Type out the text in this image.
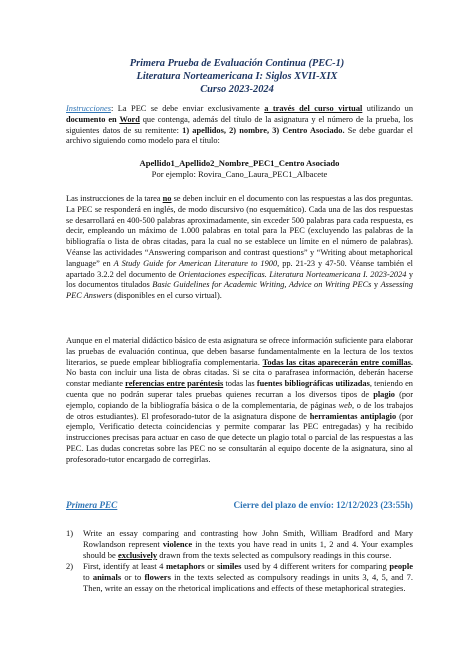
Primera Prueba de Evaluación Continua (PEC-1)
Literatura Norteamericana I: Siglos XVII-XIX
Curso 2023-2024
Instrucciones: La PEC se debe enviar exclusivamente a través del curso virtual utilizando un documento en Word que contenga, además del título de la asignatura y el número de la prueba, los siguientes datos de su remitente: 1) apellidos, 2) nombre, 3) Centro Asociado. Se debe guardar el archivo siguiendo como modelo para el título:
Apellido1_Apellido2_Nombre_PEC1_Centro Asociado
Por ejemplo: Rovira_Cano_Laura_PEC1_Albacete
Las instrucciones de la tarea no se deben incluir en el documento con las respuestas a las dos preguntas. La PEC se responderá en inglés, de modo discursivo (no esquemático). Cada una de las dos respuestas se desarrollará en 400-500 palabras aproximadamente, sin exceder 500 palabras para cada respuesta, es decir, empleando un máximo de 1.000 palabras en total para la PEC (excluyendo las palabras de la bibliografía o lista de obras citadas, para la cual no se establece un límite en el número de palabras). Véanse las actividades “Answering comparison and contrast questions” y “Writing about metaphorical language” en A Study Guide for American Literature to 1900, pp. 21-23 y 47-50. Véanse también el apartado 3.2.2 del documento de Orientaciones específicas. Literatura Norteamericana I. 2023-2024 y los documentos titulados Basic Guidelines for Academic Writing, Advice on Writing PECs y Assessing PEC Answers (disponibles en el curso virtual).
Aunque en el material didáctico básico de esta asignatura se ofrece información suficiente para elaborar las pruebas de evaluación continua, que deben basarse fundamentalmente en la lectura de los textos literarios, se puede emplear bibliografía complementaria. Todas las citas aparecerán entre comillas. No basta con incluir una lista de obras citadas. Si se cita o parafrasea información, deberán hacerse constar mediante referencias entre paréntesis todas las fuentes bibliográficas utilizadas, teniendo en cuenta que no podrán superar tales pruebas quienes recurran a los diversos tipos de plagio (por ejemplo, copiando de la bibliografía básica o de la complementaria, de páginas web, o de los trabajos de otros estudiantes). El profesorado-tutor de la asignatura dispone de herramientas antiplagio (por ejemplo, Verificatio detecta coincidencias y permite comparar las PEC entregadas) y ha recibido instrucciones precisas para actuar en caso de que detecte un plagio total o parcial de las respuestas a las PEC. Las dudas concretas sobre las PEC no se consultarán al equipo docente de la asignatura, sino al profesorado-tutor encargado de corregirlas.
Primera PEC	Cierre del plazo de envío: 12/12/2023 (23:55h)
1) Write an essay comparing and contrasting how John Smith, William Bradford and Mary Rowlandson represent violence in the texts you have read in units 1, 2 and 4. Your examples should be exclusively drawn from the texts selected as compulsory readings in this course.
2) First, identify at least 4 metaphors or similes used by 4 different writers for comparing people to animals or to flowers in the texts selected as compulsory readings in units 3, 4, 5, and 7. Then, write an essay on the rhetorical implications and effects of these metaphorical strategies.
